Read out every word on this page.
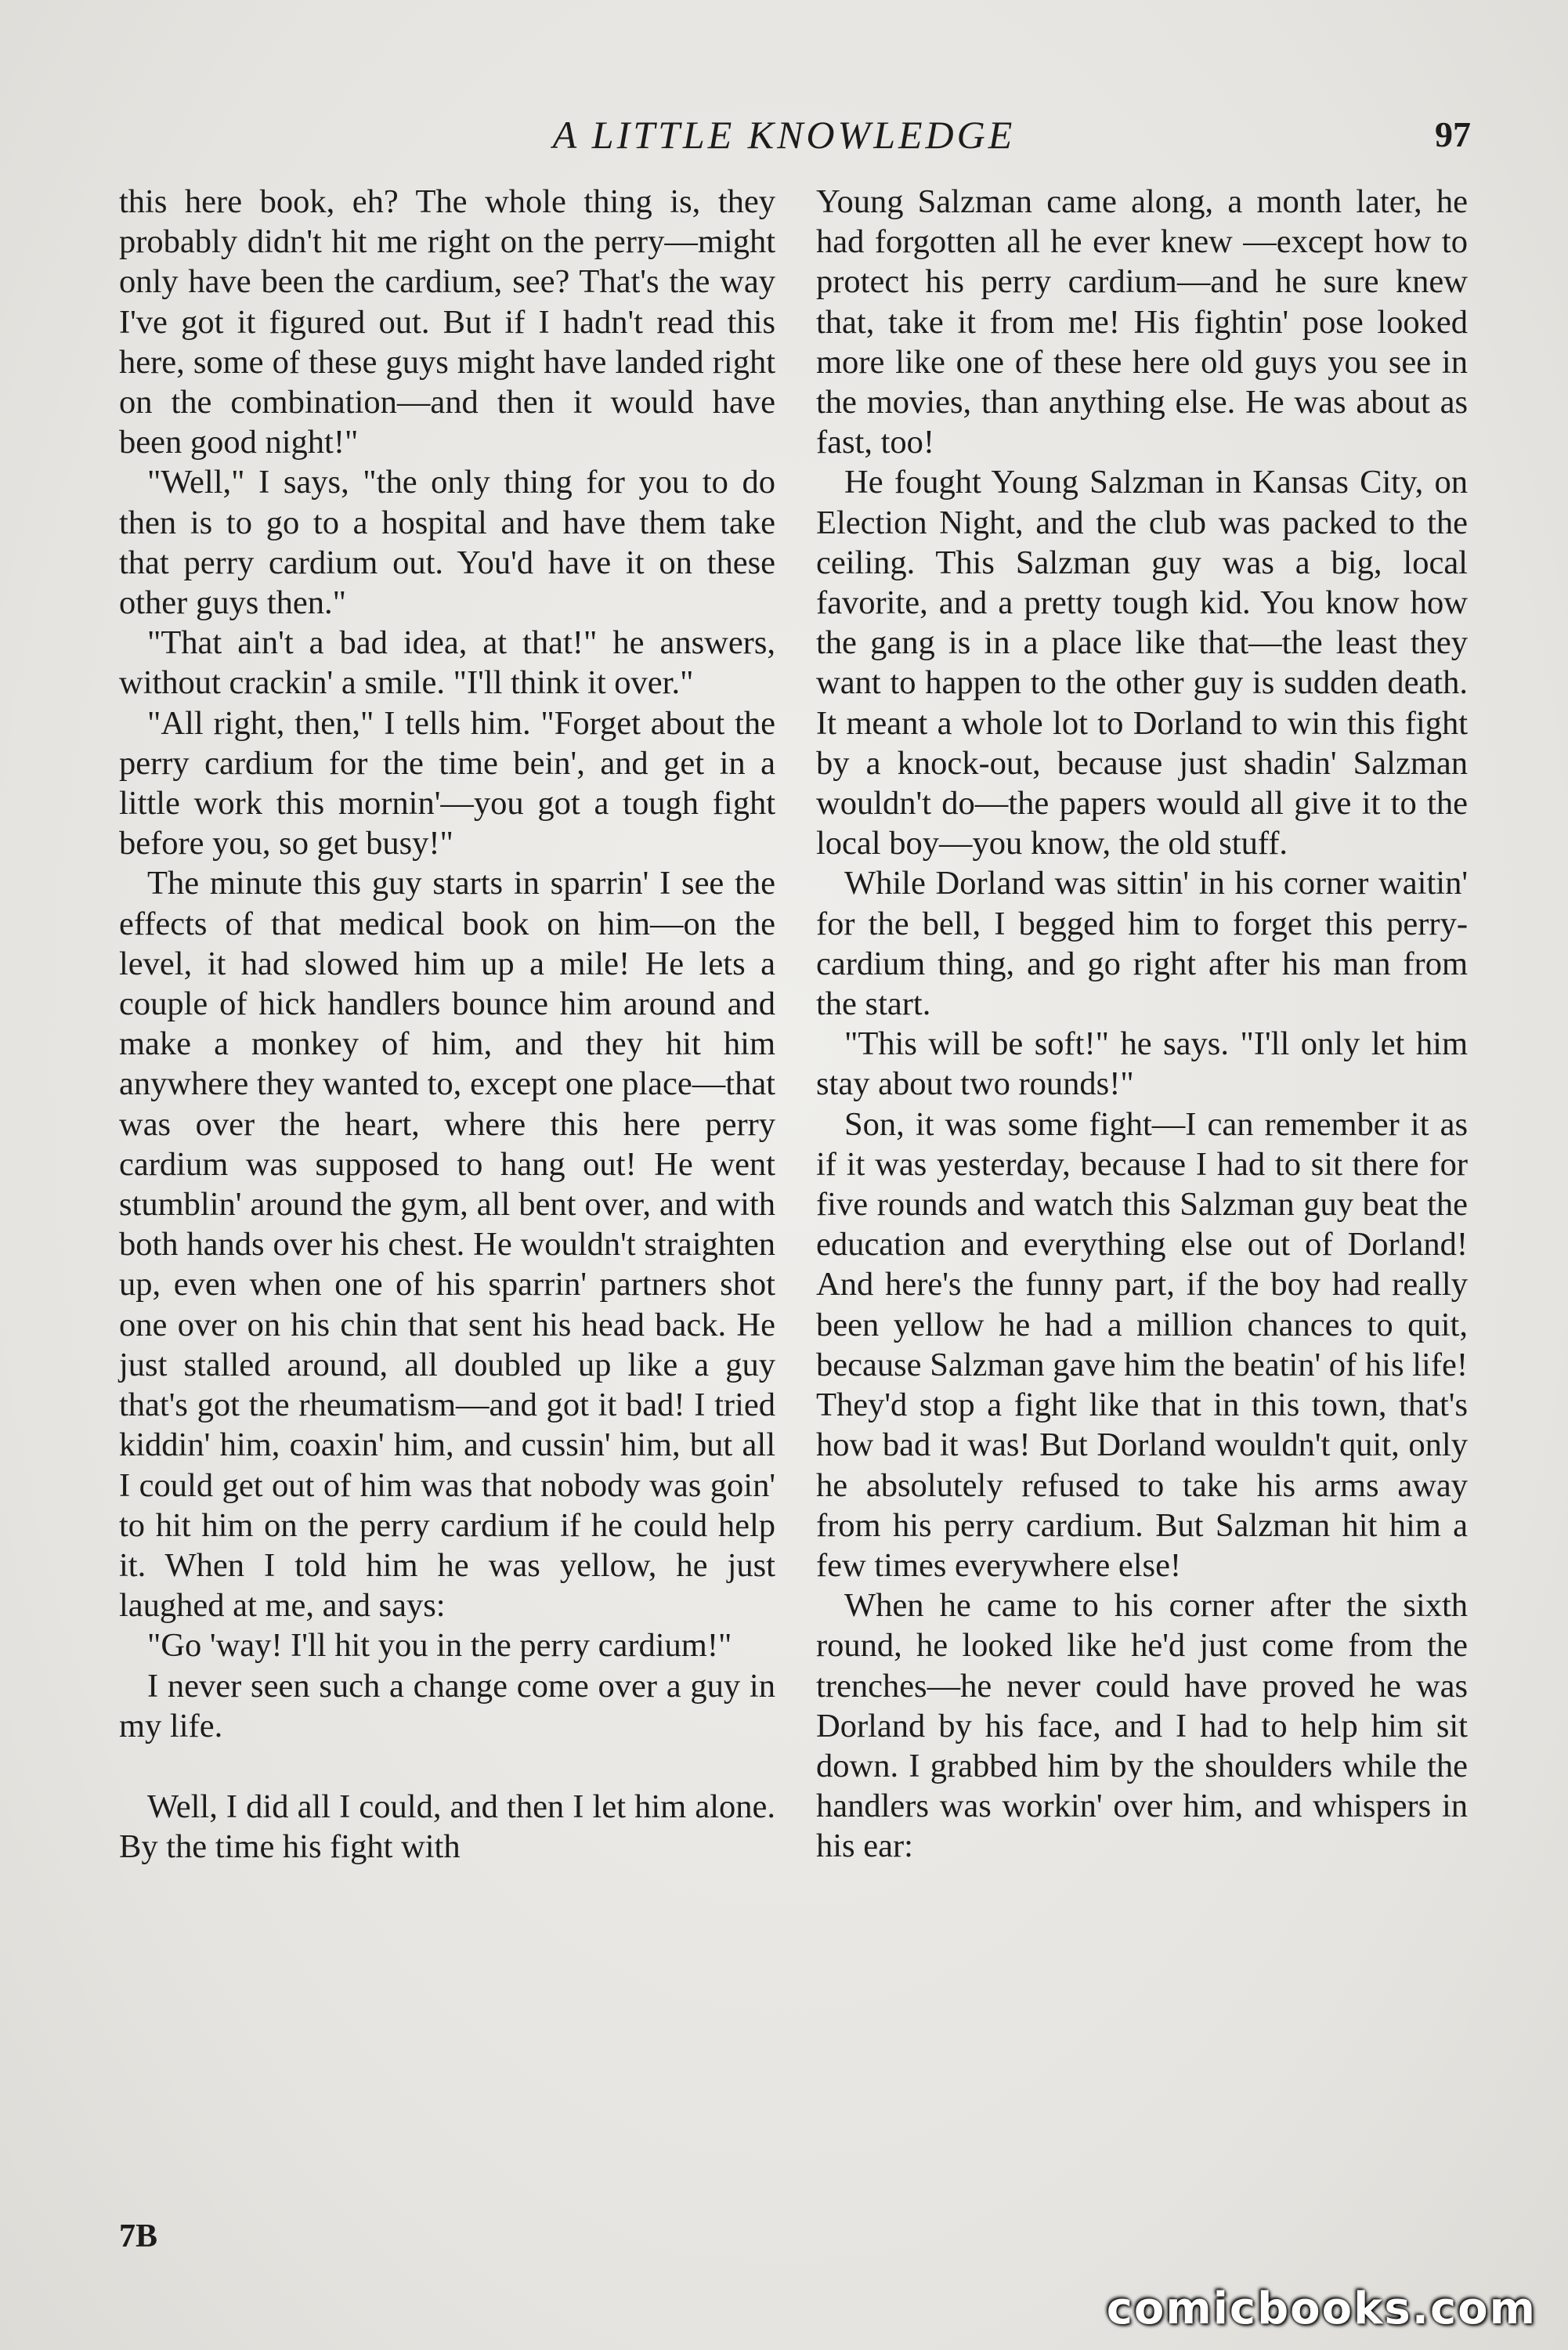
A LITTLE KNOWLEDGE	97

this here book, eh? The whole thing is, they probably didn't hit me right on the perry—might only have been the cardium, see? That's the way I've got it figured out. But if I hadn't read this here, some of these guys might have landed right on the combination—and then it would have been good night!"

"Well," I says, "the only thing for you to do then is to go to a hospital and have them take that perry cardium out. You'd have it on these other guys then."

"That ain't a bad idea, at that!" he answers, without crackin' a smile. "I'll think it over."

"All right, then," I tells him. "Forget about the perry cardium for the time bein', and get in a little work this mornin'—you got a tough fight before you, so get busy!"

The minute this guy starts in sparrin' I see the effects of that medical book on him—on the level, it had slowed him up a mile! He lets a couple of hick handlers bounce him around and make a monkey of him, and they hit him anywhere they wanted to, except one place—that was over the heart, where this here perry cardium was supposed to hang out! He went stumblin' around the gym, all bent over, and with both hands over his chest. He wouldn't straighten up, even when one of his sparrin' partners shot one over on his chin that sent his head back. He just stalled around, all doubled up like a guy that's got the rheumatism—and got it bad! I tried kiddin' him, coaxin' him, and cussin' him, but all I could get out of him was that nobody was goin' to hit him on the perry cardium if he could help it. When I told him he was yellow, he just laughed at me, and says:

"Go 'way! I'll hit you in the perry cardium!"

I never seen such a change come over a guy in my life.

Well, I did all I could, and then I let him alone. By the time his fight with

Young Salzman came along, a month later, he had forgotten all he ever knew —except how to protect his perry cardium—and he sure knew that, take it from me! His fightin' pose looked more like one of these here old guys you see in the movies, than anything else. He was about as fast, too!

He fought Young Salzman in Kansas City, on Election Night, and the club was packed to the ceiling. This Salzman guy was a big, local favorite, and a pretty tough kid. You know how the gang is in a place like that—the least they want to happen to the other guy is sudden death. It meant a whole lot to Dorland to win this fight by a knock-out, because just shadin' Salzman wouldn't do—the papers would all give it to the local boy—you know, the old stuff.

While Dorland was sittin' in his corner waitin' for the bell, I begged him to forget this perry-cardium thing, and go right after his man from the start.

"This will be soft!" he says. "I'll only let him stay about two rounds!"

Son, it was some fight—I can remember it as if it was yesterday, because I had to sit there for five rounds and watch this Salzman guy beat the education and everything else out of Dorland! And here's the funny part, if the boy had really been yellow he had a million chances to quit, because Salzman gave him the beatin' of his life! They'd stop a fight like that in this town, that's how bad it was! But Dorland wouldn't quit, only he absolutely refused to take his arms away from his perry cardium. But Salzman hit him a few times everywhere else!

When he came to his corner after the sixth round, he looked like he'd just come from the trenches—he never could have proved he was Dorland by his face, and I had to help him sit down. I grabbed him by the shoulders while the handlers was workin' over him, and whispers in his ear:

7B
comicbooks.com
